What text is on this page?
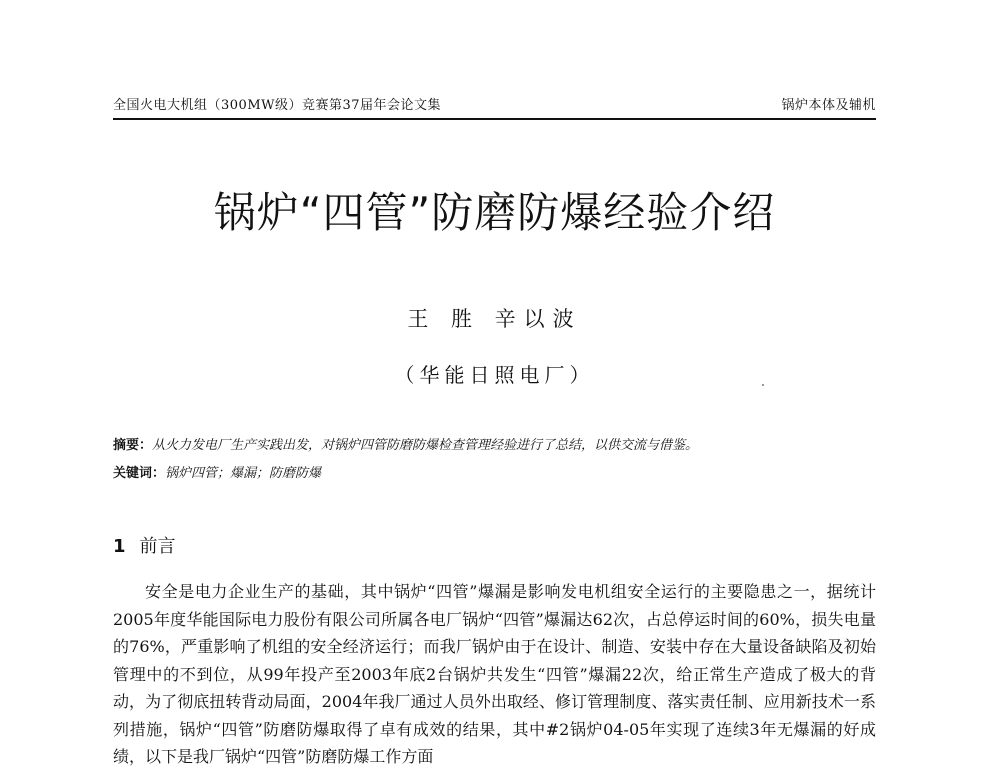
全国火电大机组（300MW级）竞赛第37届年会论文集	锅炉本体及辅机
锅炉“四管”防磨防爆经验介绍
王 胜 辛以波
（华能日照电厂）
摘要：从火力发电厂生产实践出发，对锅炉四管防磨防爆检查管理经验进行了总结，以供交流与借鉴。
关键词：锅炉四管；爆漏；防磨防爆
1 前言

安全是电力企业生产的基础，其中锅炉“四管”爆漏是影响发电机组安全运行的主要隐患之一，据统计2005年度华能国际电力股份有限公司所属各电厂锅炉“四管”爆漏达62次，占总停运时间的60%，损失电量的76%，严重影响了机组的安全经济运行；而我厂锅炉由于在设计、制造、安装中存在大量设备缺陷及初始管理中的不到位，从99年投产至2003年底2台锅炉共发生“四管”爆漏22次，给正常生产造成了极大的背动，为了彻底扭转背动局面，2004年我厂通过人员外出取经、修订管理制度、落实责任制、应用新技术一系列措施，锅炉“四管”防磨防爆取得了卓有成效的结果，其中#2锅炉04-05年实现了连续3年无爆漏的好成绩，以下是我厂锅炉“四管”防磨防爆工作方面
